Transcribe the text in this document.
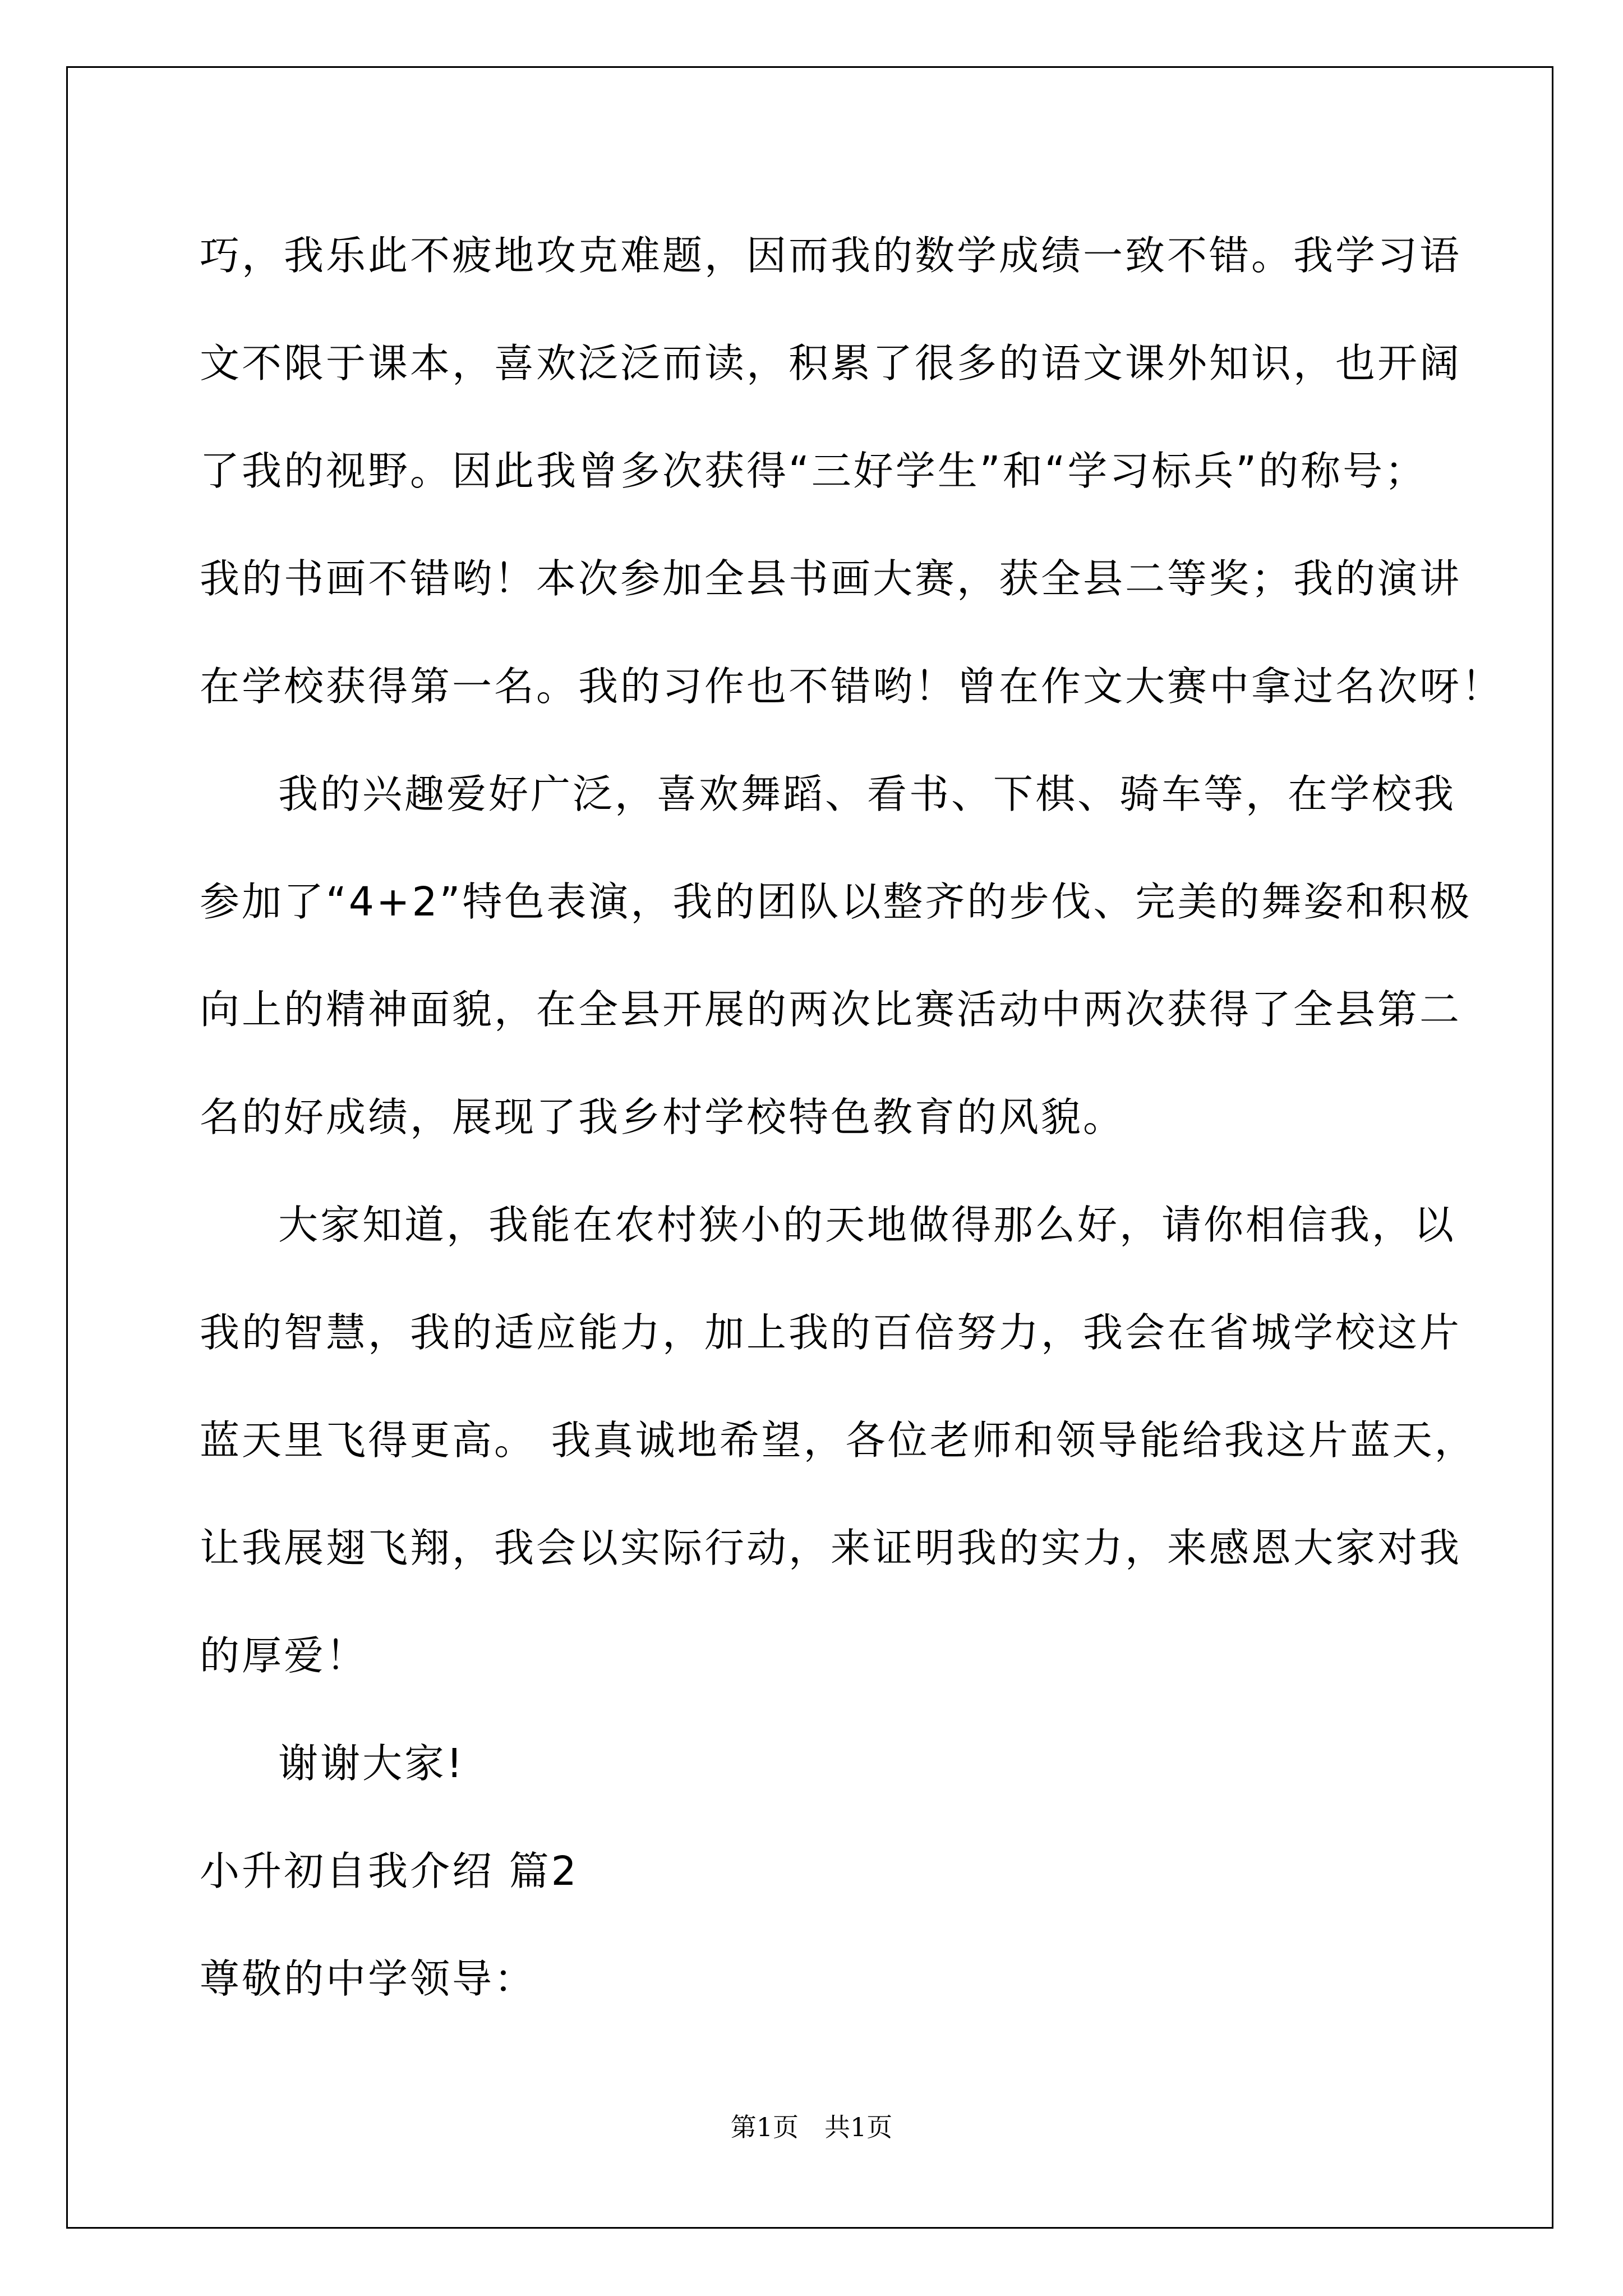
巧，我乐此不疲地攻克难题，因而我的数学成绩一致不错。我学习语
文不限于课本，喜欢泛泛而读，积累了很多的语文课外知识，也开阔
了我的视野。因此我曾多次获得“三好学生”和“学习标兵”的称号；
我的书画不错哟！本次参加全县书画大赛，获全县二等奖；我的演讲
在学校获得第一名。我的习作也不错哟！曾在作文大赛中拿过名次呀！
我的兴趣爱好广泛，喜欢舞蹈、看书、下棋、骑车等，在学校我
参加了“4+2”特色表演，我的团队以整齐的步伐、完美的舞姿和积极
向上的精神面貌，在全县开展的两次比赛活动中两次获得了全县第二
名的好成绩，展现了我乡村学校特色教育的风貌。
大家知道，我能在农村狭小的天地做得那么好，请你相信我，以
我的智慧，我的适应能力，加上我的百倍努力，我会在省城学校这片
蓝天里飞得更高。 我真诚地希望，各位老师和领导能给我这片蓝天，
让我展翅飞翔，我会以实际行动，来证明我的实力，来感恩大家对我
的厚爱！
谢谢大家!
小升初自我介绍 篇2
尊敬的中学领导：
第1页　共1页
